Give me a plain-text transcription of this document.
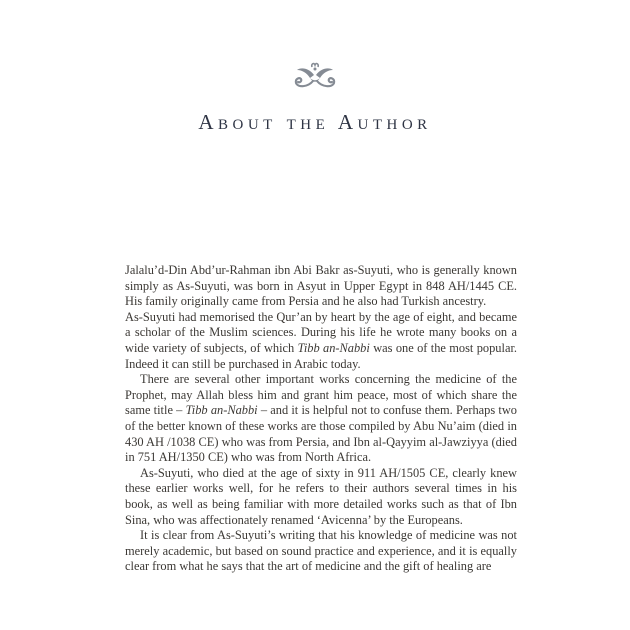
About the Author

Jalalu’d-Din Abd’ur-Rahman ibn Abi Bakr as-Suyuti, who is generally known simply as As-Suyuti, was born in Asyut in Upper Egypt in 848 AH/1445 CE. His family originally came from Persia and he also had Turkish ancestry.

As-Suyuti had memorised the Qur’an by heart by the age of eight, and became a scholar of the Muslim sciences. During his life he wrote many books on a wide variety of subjects, of which Tibb an-Nabbi was one of the most popular. Indeed it can still be purchased in Arabic today.

There are several other important works concerning the medicine of the Prophet, may Allah bless him and grant him peace, most of which share the same title – Tibb an-Nabbi – and it is helpful not to confuse them. Perhaps two of the better known of these works are those compiled by Abu Nu’aim (died in 430 AH /1038 CE) who was from Persia, and Ibn al-Qayyim al-Jawziyya (died in 751 AH/1350 CE) who was from North Africa.

As-Suyuti, who died at the age of sixty in 911 AH/1505 CE, clearly knew these earlier works well, for he refers to their authors several times in his book, as well as being familiar with more detailed works such as that of Ibn Sina, who was affectionately renamed ‘Avicenna’ by the Europeans.

It is clear from As-Suyuti’s writing that his knowledge of medicine was not merely academic, but based on sound practice and experience, and it is equally clear from what he says that the art of medicine and the gift of healing are
